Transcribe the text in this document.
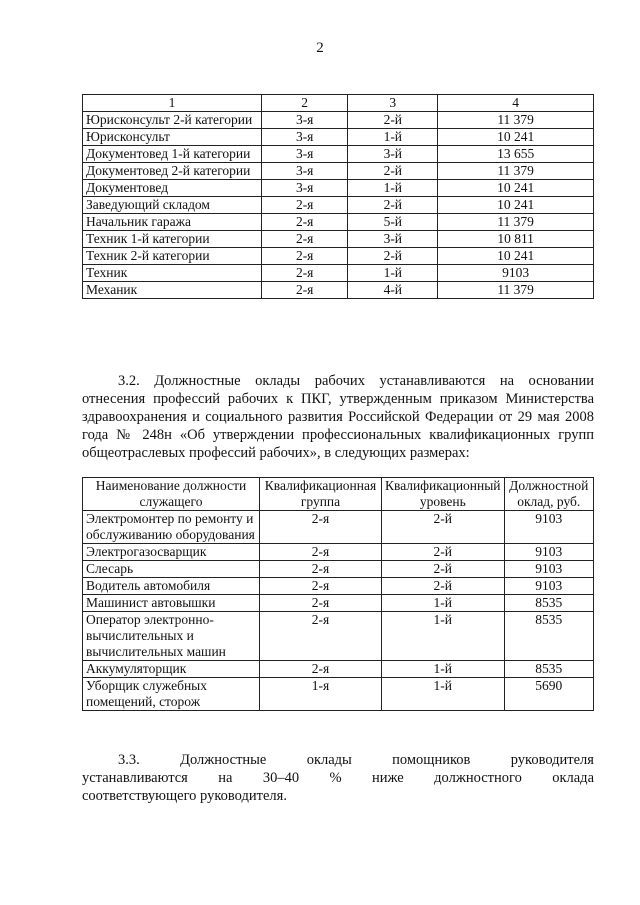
2
1	2	3	4
Юрисконсульт 2-й категории	3-я	2-й	11 379
Юрисконсульт	3-я	1-й	10 241
Документовед 1-й категории	3-я	3-й	13 655
Документовед 2-й категории	3-я	2-й	11 379
Документовед	3-я	1-й	10 241
Заведующий складом	2-я	2-й	10 241
Начальник гаража	2-я	5-й	11 379
Техник 1-й категории	2-я	3-й	10 811
Техник 2-й категории	2-я	2-й	10 241
Техник	2-я	1-й	9103
Механик	2-я	4-й	11 379
3.2. Должностные оклады рабочих устанавливаются на основании отнесения профессий рабочих к ПКГ, утвержденным приказом Министерства здравоохранения и социального развития Российской Федерации от 29 мая 2008 года № 248н «Об утверждении профессиональных квалификационных групп общеотраслевых профессий рабочих», в следующих размерах:
Наименование должности служащего	Квалификационная группа	Квалификационный уровень	Должностной оклад, руб.
Электромонтер по ремонту и обслуживанию оборудования	2-я	2-й	9103
Электрогазосварщик	2-я	2-й	9103
Слесарь	2-я	2-й	9103
Водитель автомобиля	2-я	2-й	9103
Машинист автовышки	2-я	1-й	8535
Оператор электронно-вычислительных и вычислительных машин	2-я	1-й	8535
Аккумуляторщик	2-я	1-й	8535
Уборщик служебных помещений, сторож	1-я	1-й	5690
3.3.	Должностные	оклады	помощников	руководителя
устанавливаются на 30–40 % ниже должностного оклада
соответствующего руководителя.
